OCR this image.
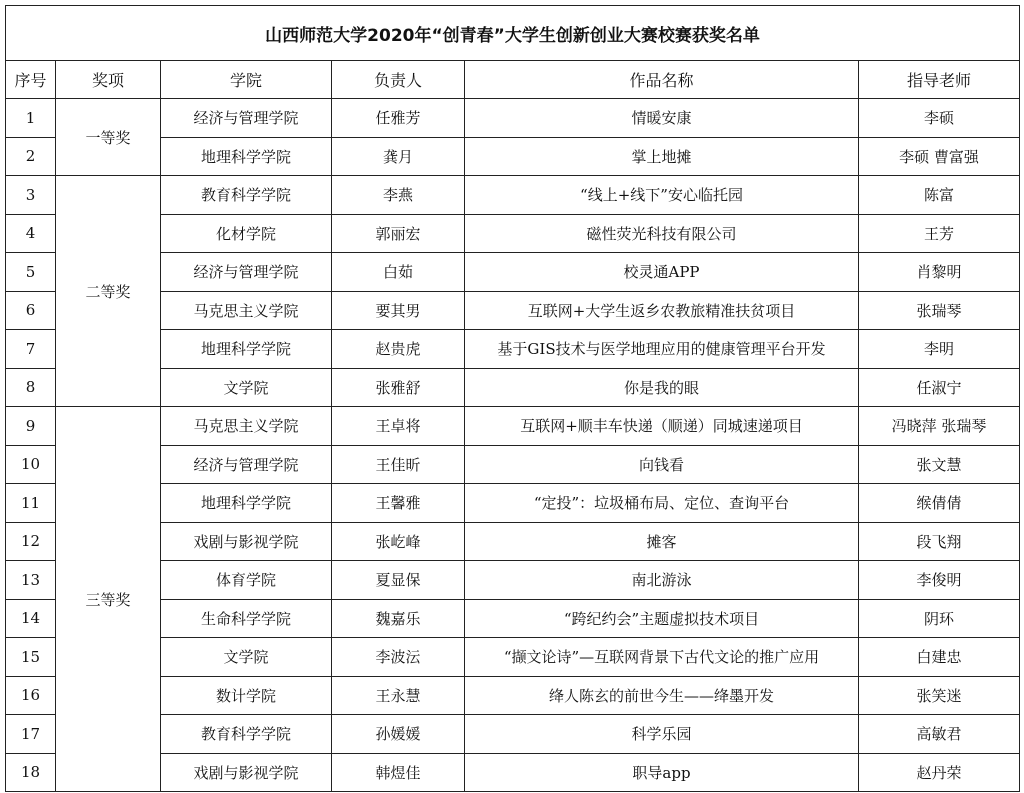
山西师范大学2020年“创青春”大学生创新创业大赛校赛获奖名单					
序号	奖项	学院	负责人	作品名称	指导老师
1	一等奖	经济与管理学院	任雅芳	情暖安康	李硕
2		地理科学学院	龚月	掌上地摊	李硕 曹富强
3	二等奖	教育科学学院	李燕	“线上+线下”安心临托园	陈富
4		化材学院	郭丽宏	磁性荧光科技有限公司	王芳
5		经济与管理学院	白茹	校灵通APP	肖黎明
6		马克思主义学院	要其男	互联网+大学生返乡农教旅精准扶贫项目	张瑞琴
7		地理科学学院	赵贵虎	基于GIS技术与医学地理应用的健康管理平台开发	李明
8		文学院	张雅舒	你是我的眼	任淑宁
9	三等奖	马克思主义学院	王卓将	互联网+顺丰车快递（顺递）同城速递项目	冯晓萍 张瑞琴
10		经济与管理学院	王佳昕	向钱看	张文慧
11		地理科学学院	王馨雅	“定投”：垃圾桶布局、定位、查询平台	缑倩倩
12		戏剧与影视学院	张屹峰	摊客	段飞翔
13		体育学院	夏显保	南北游泳	李俊明
14		生命科学学院	魏嘉乐	“跨纪约会”主题虚拟技术项目	阴环
15		文学院	李波沄	“撷文论诗”—互联网背景下古代文论的推广应用	白建忠
16		数计学院	王永慧	绛人陈玄的前世今生——绛墨开发	张笑迷
17		教育科学学院	孙媛媛	科学乐园	高敏君
18		戏剧与影视学院	韩煜佳	职导app	赵丹荣
